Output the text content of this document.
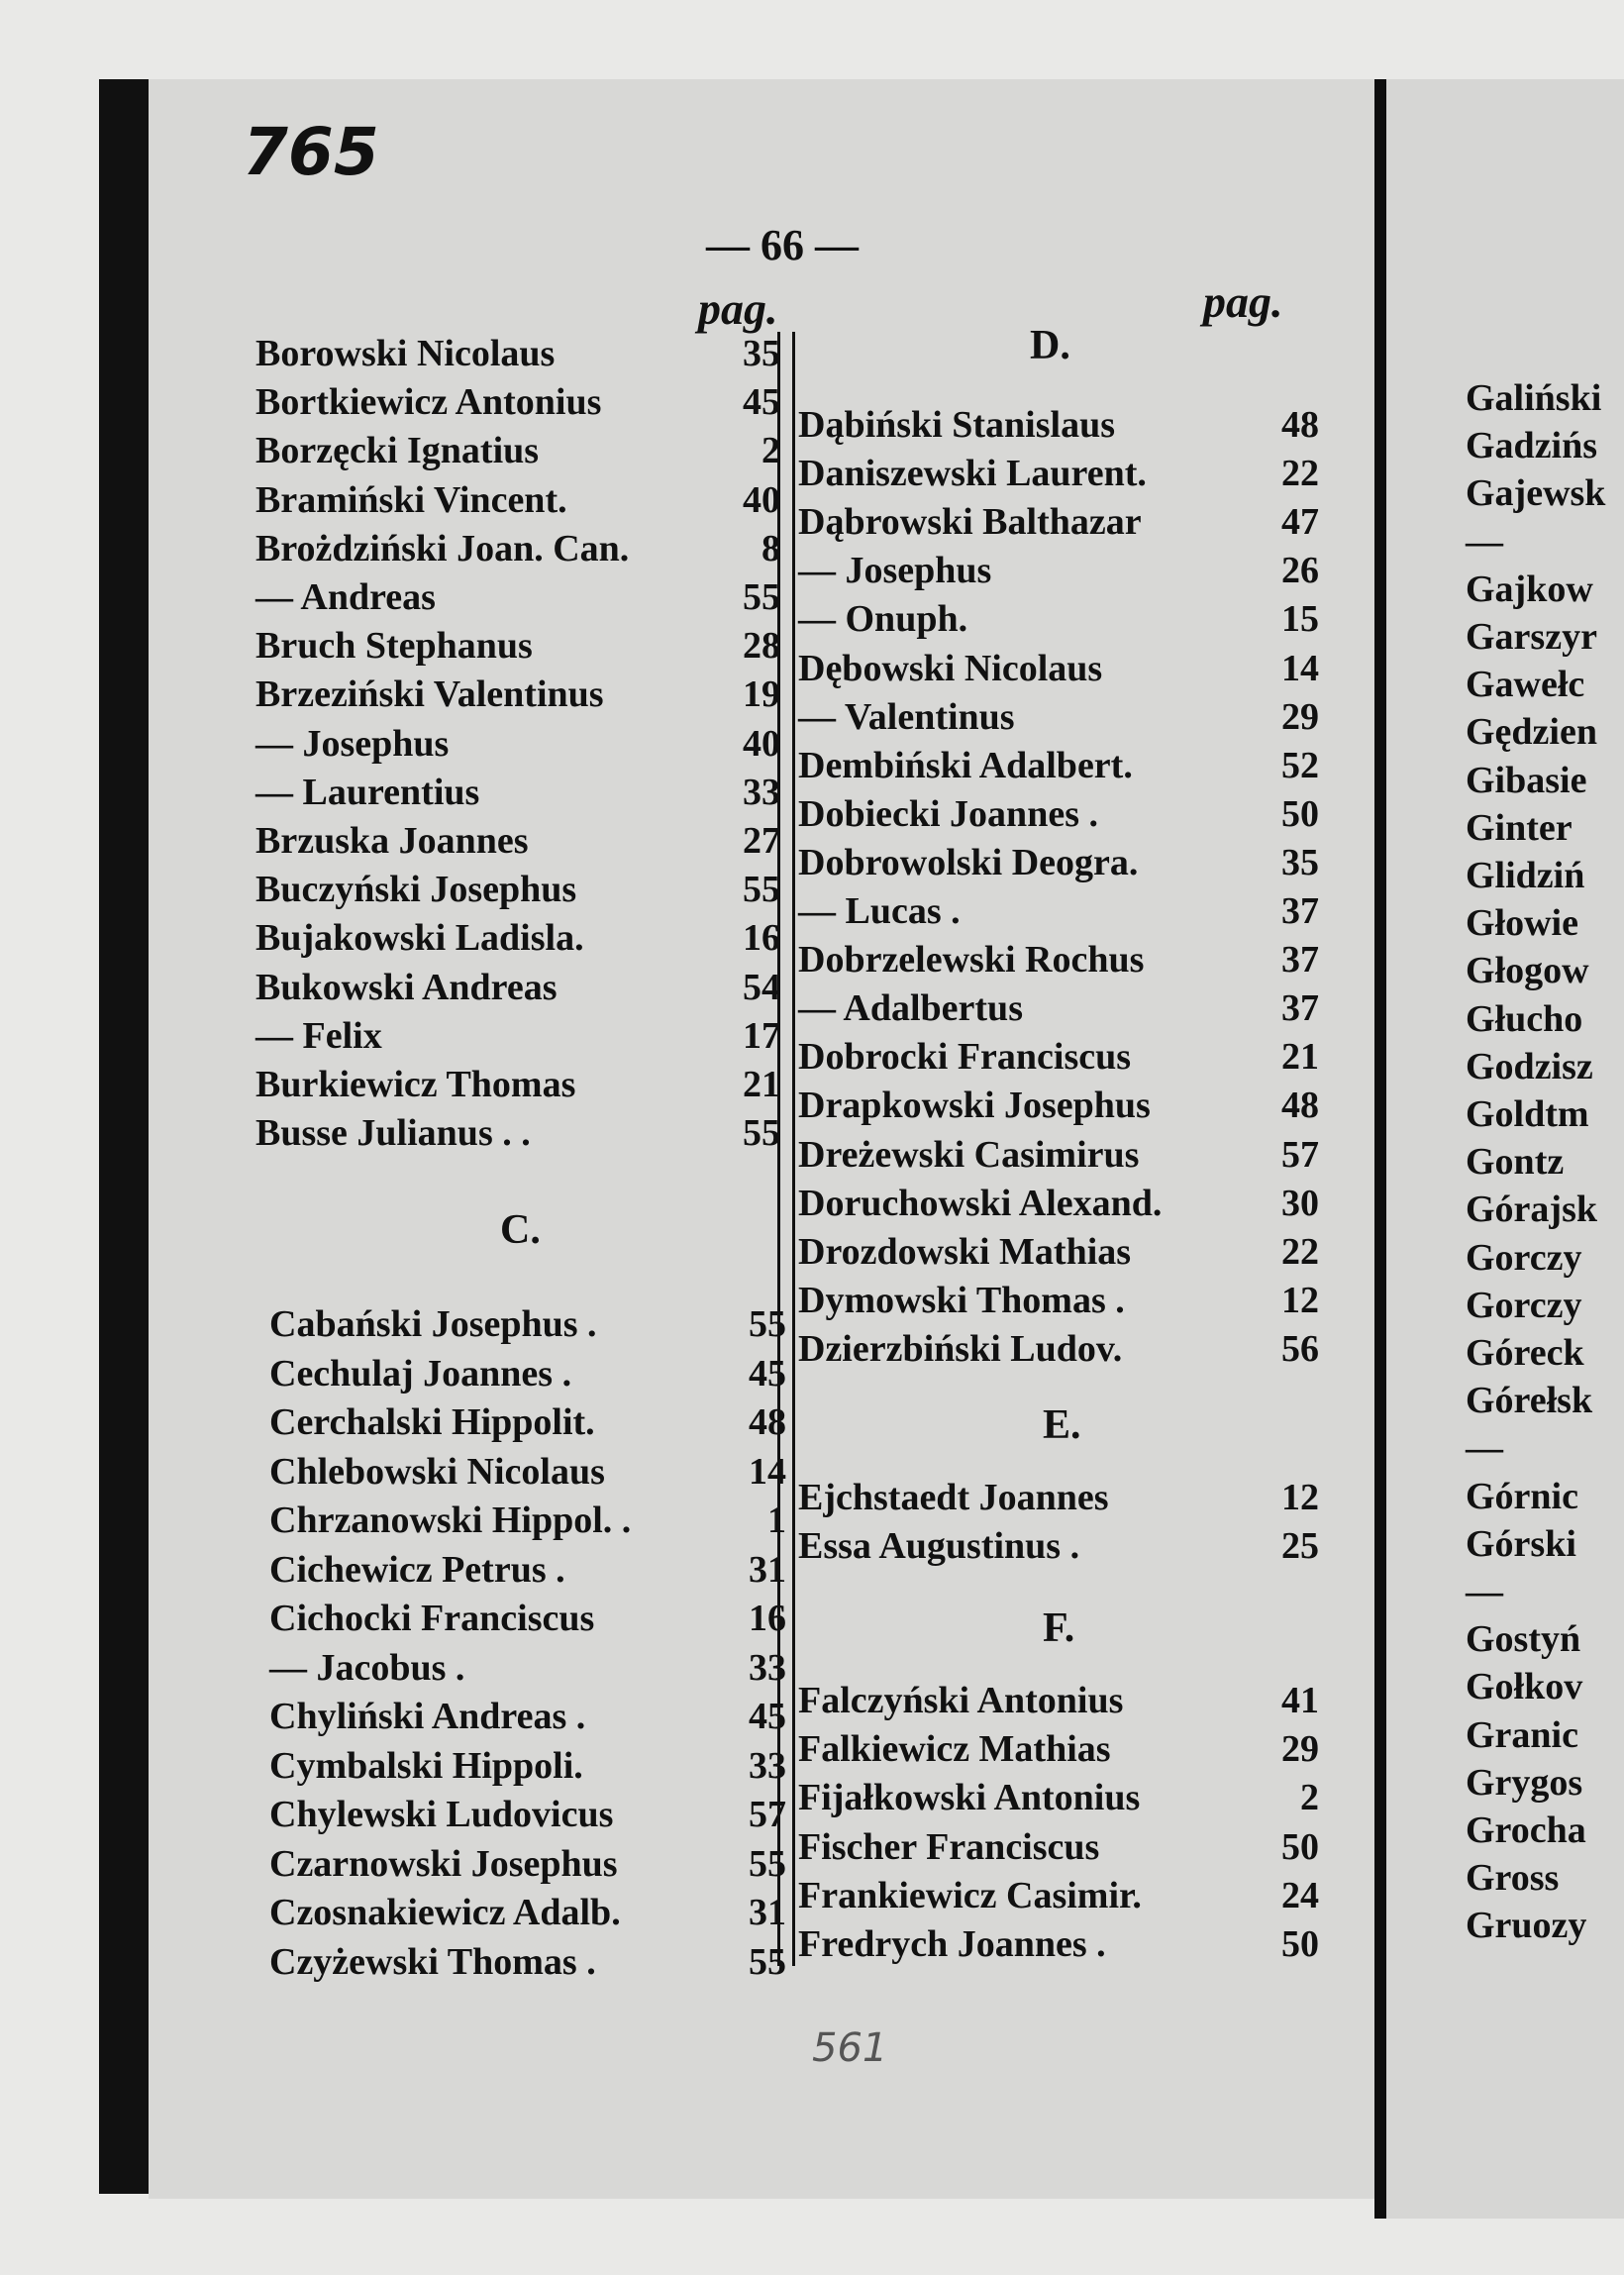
765
— 66 —
pag.	pag.
D.
C.
E.
F.
Borowski Nicolaus	35
Bortkiewicz Antonius	45
Borzęcki Ignatius	2
Bramiński Vincent.	40
Brożdziński Joan. Can.	8
— Andreas	55
Bruch Stephanus	28
Brzeziński Valentinus	19
— Josephus	40
— Laurentius	33
Brzuska Joannes	27
Buczyński Josephus	55
Bujakowski Ladisla.	16
Bukowski Andreas	54
— Felix	17
Burkiewicz Thomas	21
Busse Julianus . .	55
Cabański Josephus .	55
Cechulaj Joannes .	45
Cerchalski Hippolit.	48
Chlebowski Nicolaus	14
Chrzanowski Hippol. .	1
Cichewicz Petrus .	31
Cichocki Franciscus	16
— Jacobus .	33
Chyliński Andreas .	45
Cymbalski Hippoli.	33
Chylewski Ludovicus	57
Czarnowski Josephus	55
Czosnakiewicz Adalb.	31
Czyżewski Thomas .	55
Dąbiński Stanislaus	48
Daniszewski Laurent.	22
Dąbrowski Balthazar	47
— Josephus	26
— Onuph.	15
Dębowski Nicolaus	14
— Valentinus	29
Dembiński Adalbert.	52
Dobiecki Joannes .	50
Dobrowolski Deogra.	35
— Lucas .	37
Dobrzelewski Rochus	37
— Adalbertus	37
Dobrocki Franciscus	21
Drapkowski Josephus	48
Dreżewski Casimirus	57
Doruchowski Alexand.	30
Drozdowski Mathias	22
Dymowski Thomas .	12
Dzierzbiński Ludov.	56
Ejchstaedt Joannes	12
Essa Augustinus .	25
Falczyński Antonius	41
Falkiewicz Mathias	29
Fijałkowski Antonius	2
Fischer Franciscus	50
Frankiewicz Casimir.	24
Fredrych Joannes .	50
Galiński
Gadzińs
Gajewsk
—
Gajkow
Garszyr
Gawełc
Gędzien
Gibasie
Ginter
Glidziń
Głowie
Głogow
Głucho
Godzisz
Goldtm
Gontz
Górajsk
Gorczy
Gorczy
Góreck
Górełsk
—
Górnic
Górski
—
Gostyń
Gołkov
Granic
Grygos
Grocha
Gross
Gruozy
561
